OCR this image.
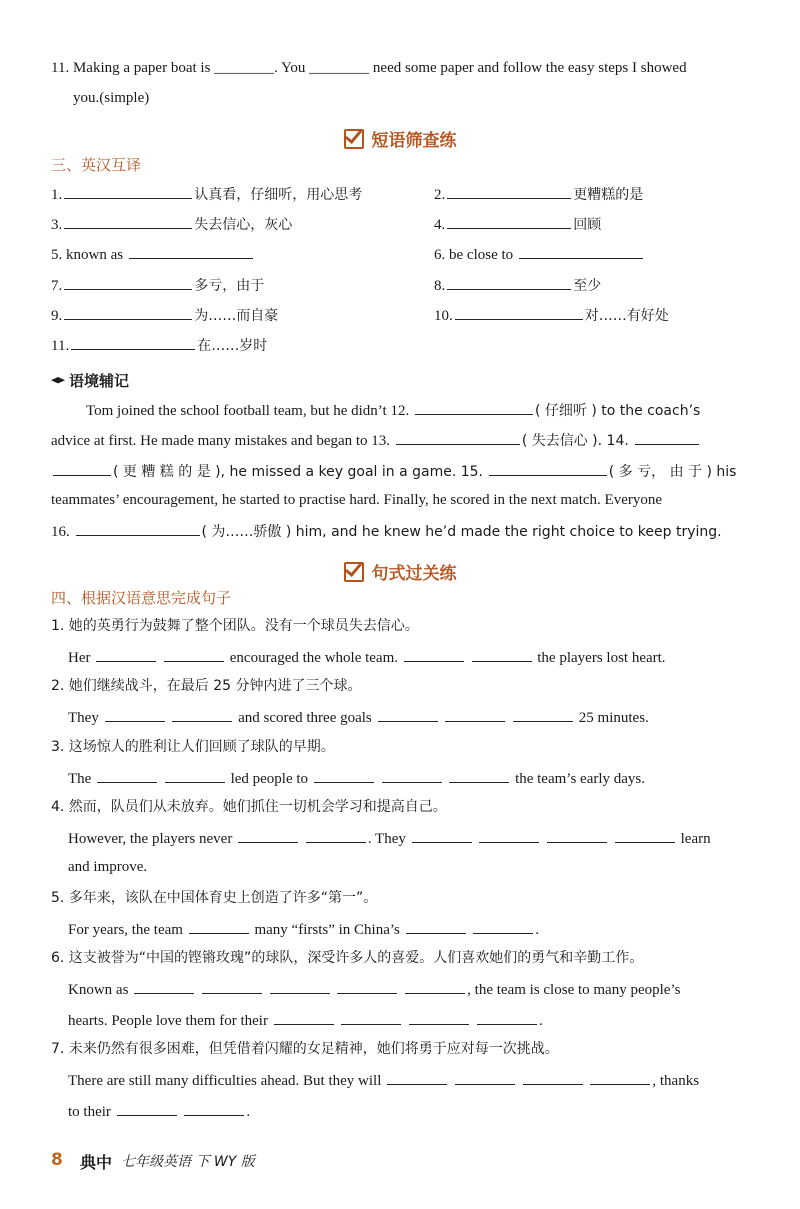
11. Making a paper boat is ________. You ________ need some paper and follow the easy steps I showed
you.(simple)
短语筛查练
三、英汉互译
1.	认真看，仔细听，用心思考	2.	更糟糕的是
3.	失去信心，灰心	4.	回顾
5. known as	6. be close to
7.	多亏，由于	8.	至少
9.	为……而自豪	10.	对……有好处
11.	在……岁时
语境辅记
Tom joined the school football team, but he didn’t 12.	( 仔细听 ) to the coach’s
advice at first. He made many mistakes and began to 13.	( 失去信心 ). 14.
( 更 糟 糕 的 是 ), he missed a key goal in a game. 15.	( 多 亏， 由 于 ) his
teammates’ encouragement, he started to practise hard. Finally, he scored in the next match. Everyone
16.	( 为……骄傲 ) him, and he knew he’d made the right choice to keep trying.
句式过关练
四、根据汉语意思完成句子
1. 她的英勇行为鼓舞了整个团队。没有一个球员失去信心。
Her	encouraged the whole team.	the players lost heart.
2. 她们继续战斗，在最后 25 分钟内进了三个球。
They	and scored three goals	25 minutes.
3. 这场惊人的胜利让人们回顾了球队的早期。
The	led people to	the team’s early days.
4. 然而，队员们从未放弃。她们抓住一切机会学习和提高自己。
However, the players never	. They	learn
and improve.
5. 多年来，该队在中国体育史上创造了许多“第一”。
For years, the team	many “firsts” in China’s	.
6. 这支被誉为“中国的铿锵玫瑰”的球队，深受许多人的喜爱。人们喜欢她们的勇气和辛勤工作。
Known as	, the team is close to many people’s
hearts. People love them for their	.
7. 未来仍然有很多困难，但凭借着闪耀的女足精神，她们将勇于应对每一次挑战。
There are still many difficulties ahead. But they will	, thanks
to their	.
8 典中 七年级英语 下 WY 版
